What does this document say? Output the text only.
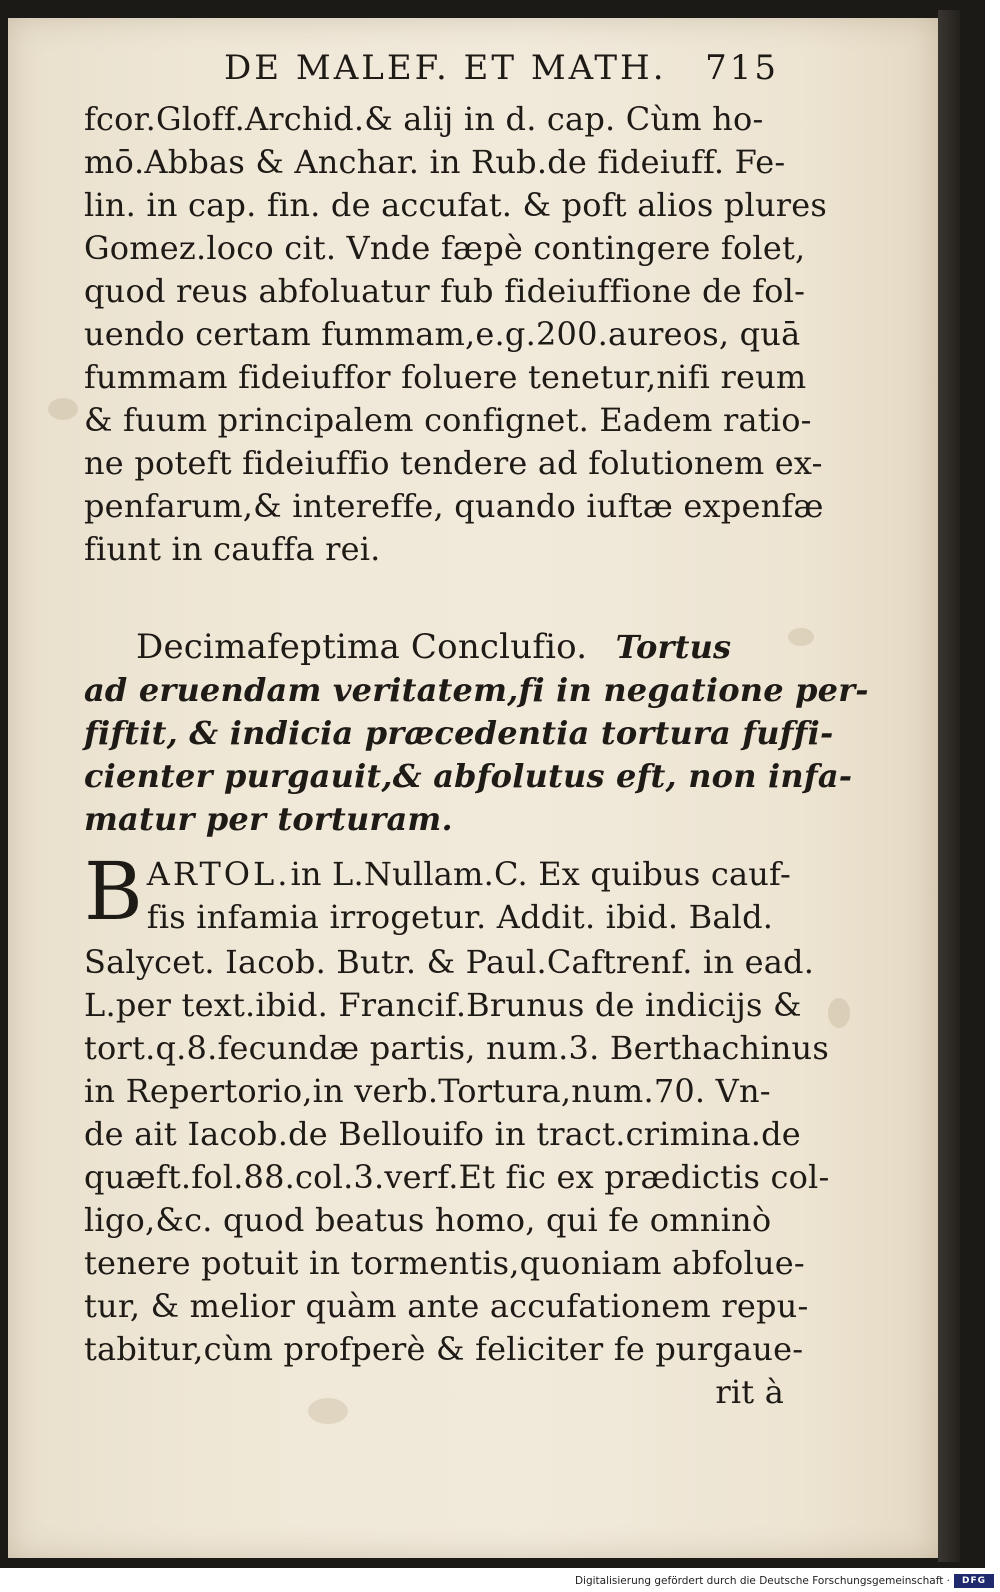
DE MALEF. ET MATH. 715
fcor.Gloff.Archid.& alij in d. cap. Cùm ho-
mō.Abbas & Anchar. in Rub.de fideiuff. Fe-
lin. in cap. fin. de accufat. & poft alios plures
Gomez.loco cit. Vnde fæpè contingere folet,
quod reus abfoluatur fub fideiuffione de fol-
uendo certam fummam,e.g.200.aureos, quā
fummam fideiuffor foluere tenetur,nifi reum
& fuum principalem confignet. Eadem ratio-
ne poteft fideiuffio tendere ad folutionem ex-
penfarum,& intereffe, quando iuftæ expenfæ
fiunt in cauffa rei.
Decimafeptima Conclufio. Tortus
ad eruendam veritatem,fi in negatione per-
fiftit, & indicia præcedentia tortura fuffi-
cienter purgauit,& abfolutus eft, non infa-
matur per torturam.
B ARTOL.in L.Nullam.C. Ex quibus cauf-
fis infamia irrogetur. Addit. ibid. Bald.
Salycet. Iacob. Butr. & Paul.Caftrenf. in ead.
L.per text.ibid. Francif.Brunus de indicijs &
tort.q.8.fecundæ partis, num.3. Berthachinus
in Repertorio,in verb.Tortura,num.70. Vn-
de ait Iacob.de Bellouifo in tract.crimina.de
quæft.fol.88.col.3.verf.Et fic ex prædictis col-
ligo,&c. quod beatus homo, qui fe omninò
tenere potuit in tormentis,quoniam abfolue-
tur, & melior quàm ante accufationem repu-
tabitur,cùm profperè & feliciter fe purgaue-
rit à
Digitalisierung gefördert durch die Deutsche Forschungsgemeinschaft ·	DFG
